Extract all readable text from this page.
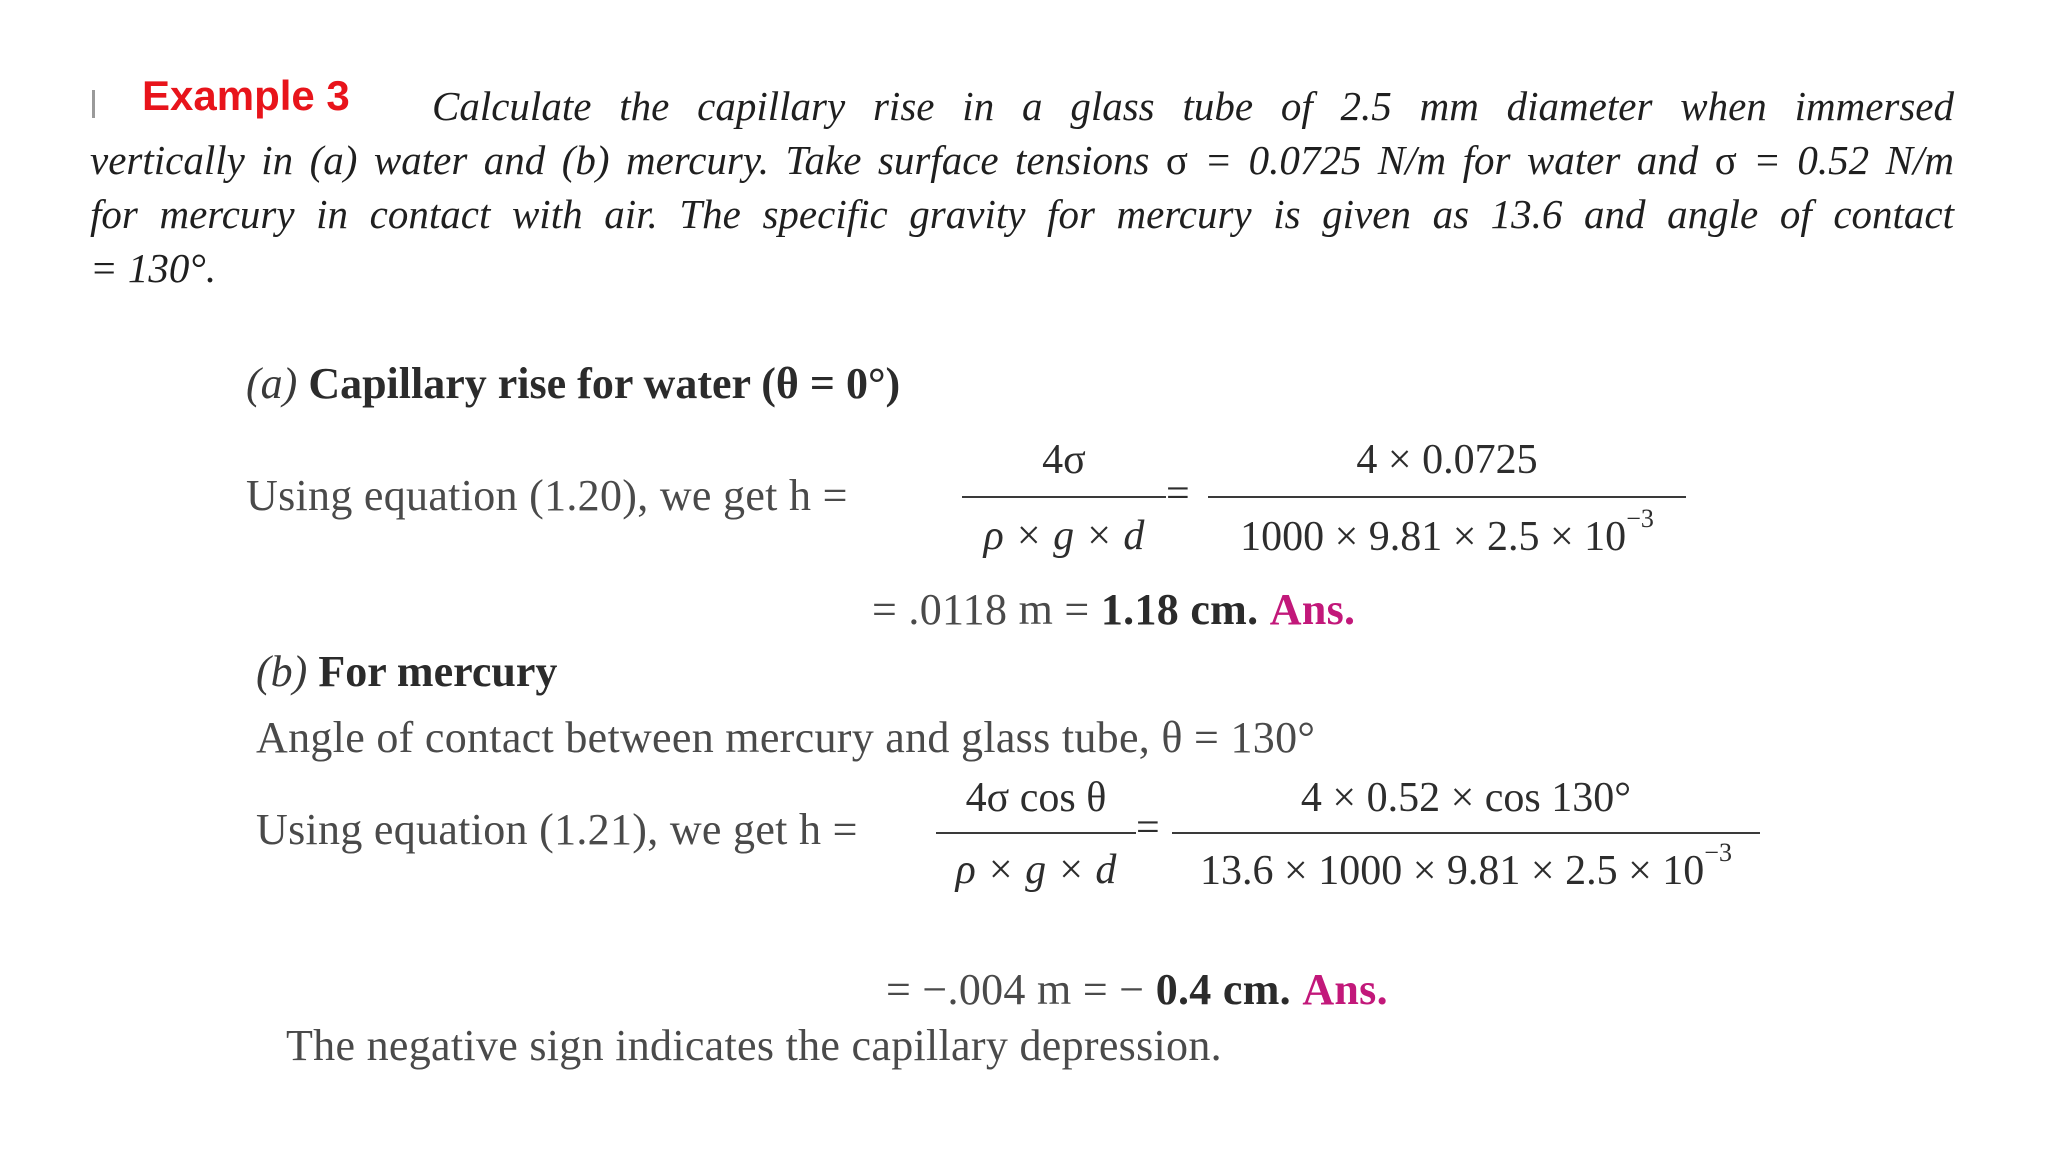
Example 3 Calculate the capillary rise in a glass tube of 2.5 mm diameter when immersed
vertically in (a) water and (b) mercury. Take surface tensions σ = 0.0725 N/m for water and σ = 0.52 N/m
for mercury in contact with air. The specific gravity for mercury is given as 13.6 and angle of contact
= 130°.
(a) Capillary rise for water (θ = 0°)
Using equation (1.20), we get h =
4σ
ρ × g × d
=
4 × 0.0725
$1000 \times 9.81 \times 2.5 \times 10^{-3}$
= .0118 m = 1.18 cm. Ans.
(b) For mercury
Angle of contact between mercury and glass tube, θ = 130°
Using equation (1.21), we get h =
4σ cos θ
ρ × g × d
=
4 × 0.52 × cos 130°
$13.6 \times 1000 \times 9.81 \times 2.5 \times 10^{-3}$
= −.004 m = − 0.4 cm. Ans.
The negative sign indicates the capillary depression.
